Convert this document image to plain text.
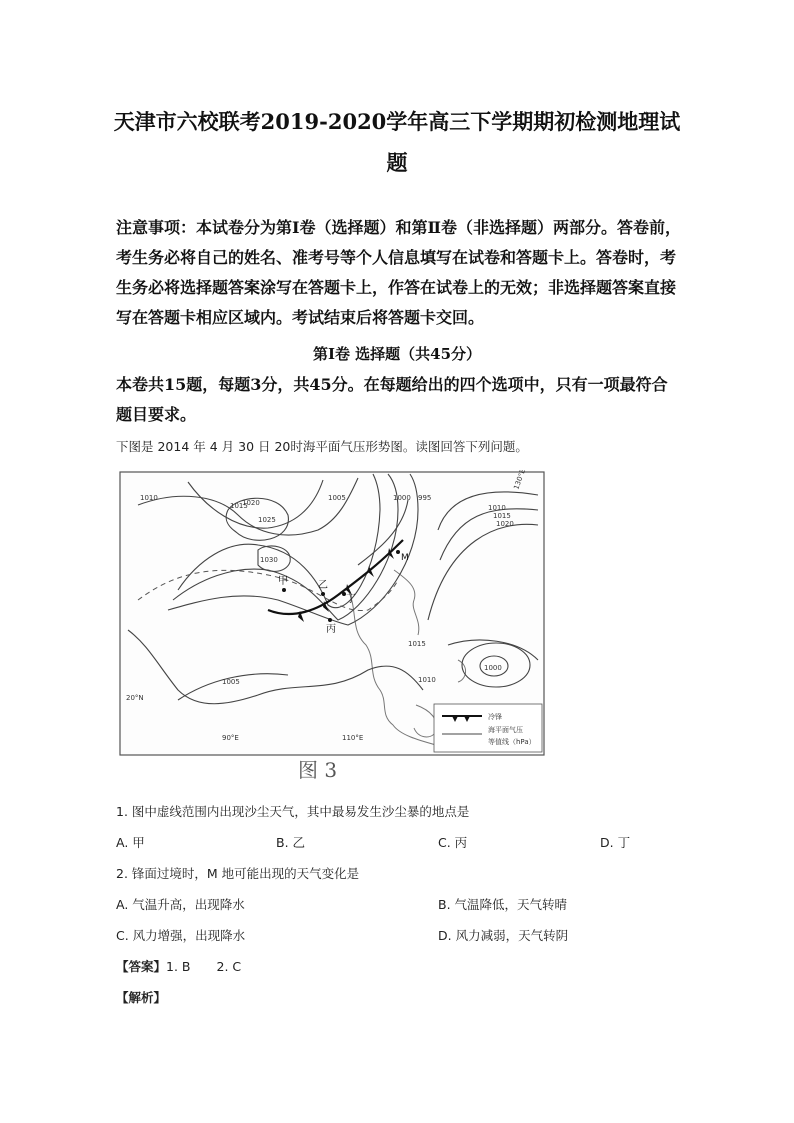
天津市六校联考2019-2020学年高三下学期期初检测地理试
题
注意事项：本试卷分为第Ⅰ卷（选择题）和第Ⅱ卷（非选择题）两部分。答卷前，
考生务必将自己的姓名、准考号等个人信息填写在试卷和答题卡上。答卷时，考
生务必将选择题答案涂写在答题卡上，作答在试卷上的无效；非选择题答案直接
写在答题卡相应区域内。考试结束后将答题卡交回。
第Ⅰ卷 选择题（共45分）
本卷共15题，每题3分，共45分。在每题给出的四个选项中，只有一项最符合
题目要求。
下图是 2014 年 4 月 30 日 20时海平面气压形势图。读图回答下列问题。
甲	乙
丙
丁
M
1010
1015
1020
1025
1030
1005	1000 995
1010
1015
1020
1015
1010
1005
1000
90°E	110°E
130°E
20°N
冷锋
海平面气压
等值线（hPa）
图 3
1. 图中虚线范围内出现沙尘天气，其中最易发生沙尘暴的地点是
A. 甲	B. 乙	C. 丙	D. 丁
2. 锋面过境时，M 地可能出现的天气变化是
A. 气温升高，出现降水	B. 气温降低，天气转晴
C. 风力增强，出现降水	D. 风力减弱，天气转阴
【答案】1. B 2. C
【解析】
